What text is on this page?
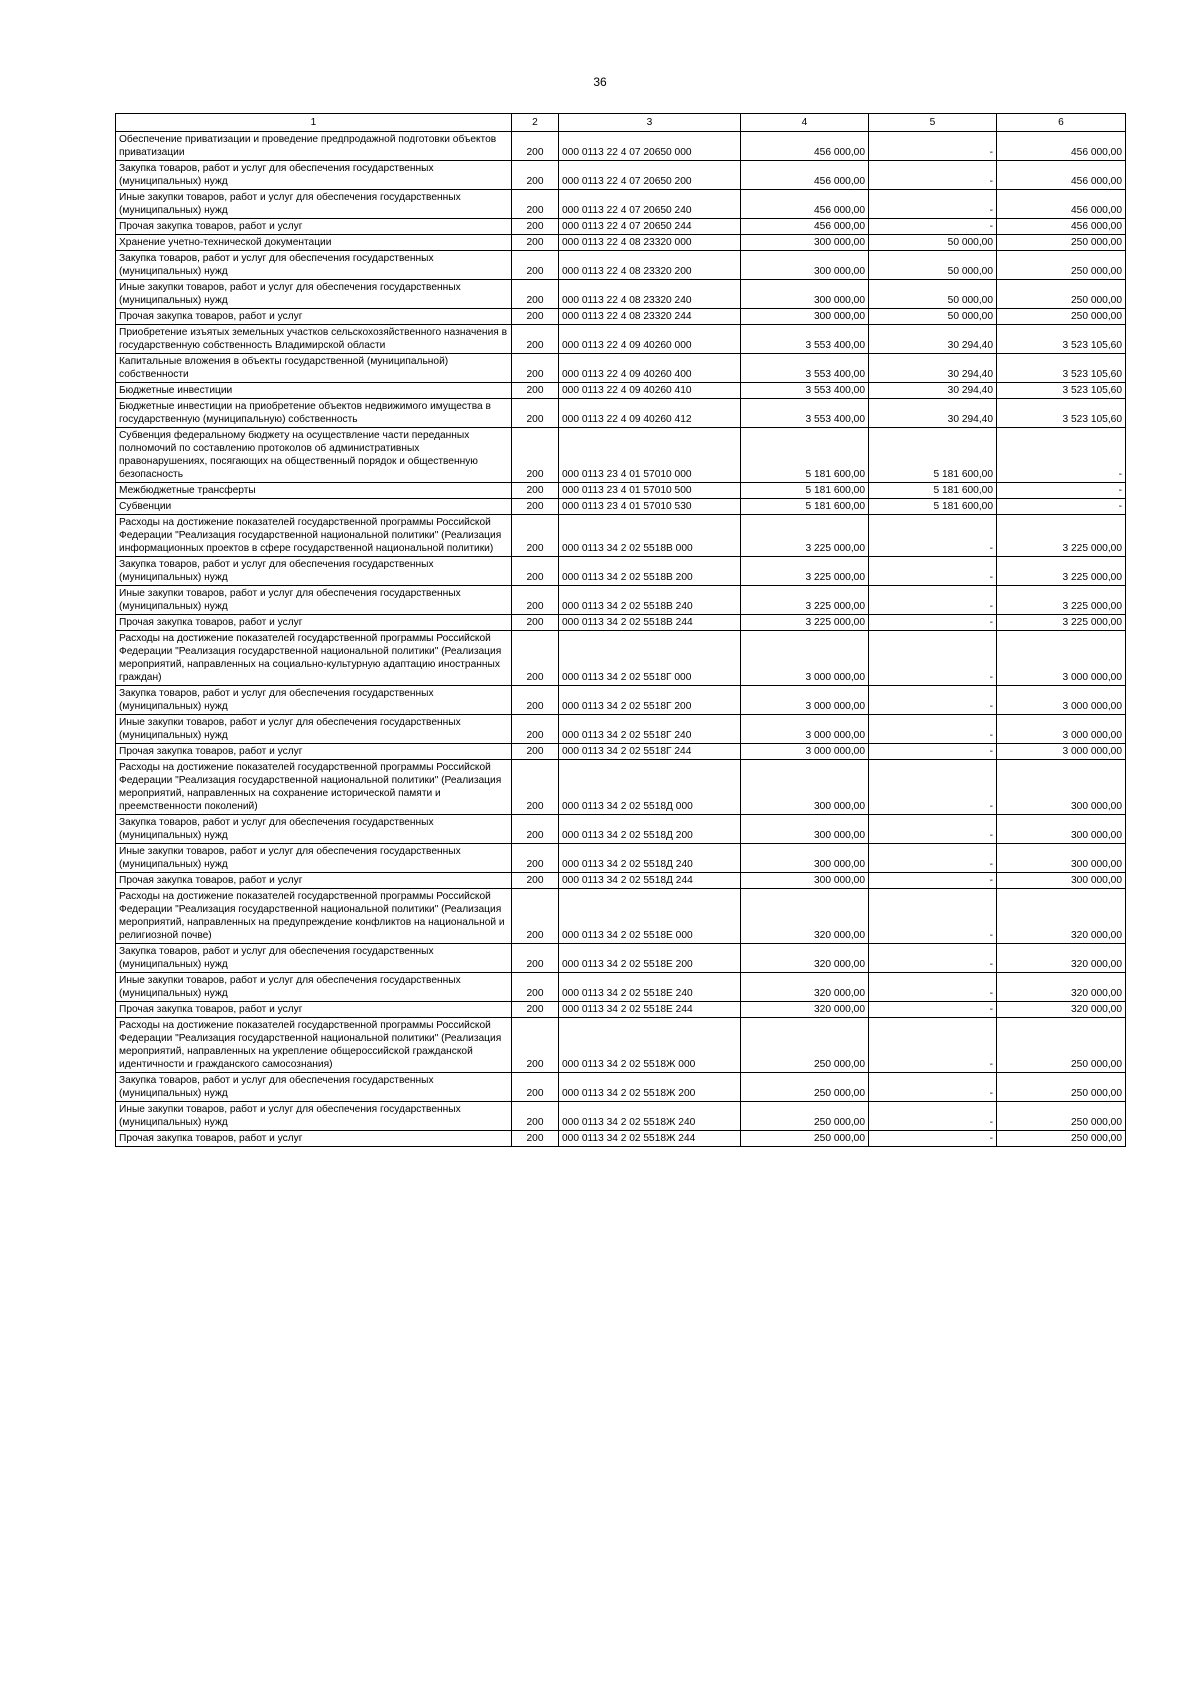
36
1	2	3	4	5	6
Обеспечение приватизации и проведение предпродажной подготовки объектов приватизации	200	000 0113 22 4 07 20650 000	456 000,00	-	456 000,00
Закупка товаров, работ и услуг для обеспечения государственных (муниципальных) нужд	200	000 0113 22 4 07 20650 200	456 000,00	-	456 000,00
Иные закупки товаров, работ и услуг для обеспечения государственных (муниципальных) нужд	200	000 0113 22 4 07 20650 240	456 000,00	-	456 000,00
Прочая закупка товаров, работ и услуг	200	000 0113 22 4 07 20650 244	456 000,00	-	456 000,00
Хранение учетно-технической документации	200	000 0113 22 4 08 23320 000	300 000,00	50 000,00	250 000,00
Закупка товаров, работ и услуг для обеспечения государственных (муниципальных) нужд	200	000 0113 22 4 08 23320 200	300 000,00	50 000,00	250 000,00
Иные закупки товаров, работ и услуг для обеспечения государственных (муниципальных) нужд	200	000 0113 22 4 08 23320 240	300 000,00	50 000,00	250 000,00
Прочая закупка товаров, работ и услуг	200	000 0113 22 4 08 23320 244	300 000,00	50 000,00	250 000,00
Приобретение изъятых земельных участков сельскохозяйственного назначения в государственную собственность Владимирской области	200	000 0113 22 4 09 40260 000	3 553 400,00	30 294,40	3 523 105,60
Капитальные вложения в объекты государственной (муниципальной) собственности	200	000 0113 22 4 09 40260 400	3 553 400,00	30 294,40	3 523 105,60
Бюджетные инвестиции	200	000 0113 22 4 09 40260 410	3 553 400,00	30 294,40	3 523 105,60
Бюджетные инвестиции на приобретение объектов недвижимого имущества в государственную (муниципальную) собственность	200	000 0113 22 4 09 40260 412	3 553 400,00	30 294,40	3 523 105,60
Субвенция федеральному бюджету на осуществление части переданных полномочий по составлению протоколов об административных правонарушениях, посягающих на общественный порядок и общественную безопасность	200	000 0113 23 4 01 57010 000	5 181 600,00	5 181 600,00	-
Межбюджетные трансферты	200	000 0113 23 4 01 57010 500	5 181 600,00	5 181 600,00	-
Субвенции	200	000 0113 23 4 01 57010 530	5 181 600,00	5 181 600,00	-
Расходы на достижение показателей государственной программы Российской Федерации "Реализация государственной национальной политики" (Реализация информационных проектов в сфере государственной национальной политики)	200	000 0113 34 2 02 5518В 000	3 225 000,00	-	3 225 000,00
Закупка товаров, работ и услуг для обеспечения государственных (муниципальных) нужд	200	000 0113 34 2 02 5518В 200	3 225 000,00	-	3 225 000,00
Иные закупки товаров, работ и услуг для обеспечения государственных (муниципальных) нужд	200	000 0113 34 2 02 5518В 240	3 225 000,00	-	3 225 000,00
Прочая закупка товаров, работ и услуг	200	000 0113 34 2 02 5518В 244	3 225 000,00	-	3 225 000,00
Расходы на достижение показателей государственной программы Российской Федерации "Реализация государственной национальной политики" (Реализация мероприятий, направленных на социально-культурную адаптацию иностранных граждан)	200	000 0113 34 2 02 5518Г 000	3 000 000,00	-	3 000 000,00
Закупка товаров, работ и услуг для обеспечения государственных (муниципальных) нужд	200	000 0113 34 2 02 5518Г 200	3 000 000,00	-	3 000 000,00
Иные закупки товаров, работ и услуг для обеспечения государственных (муниципальных) нужд	200	000 0113 34 2 02 5518Г 240	3 000 000,00	-	3 000 000,00
Прочая закупка товаров, работ и услуг	200	000 0113 34 2 02 5518Г 244	3 000 000,00	-	3 000 000,00
Расходы на достижение показателей государственной программы Российской Федерации "Реализация государственной национальной политики" (Реализация мероприятий, направленных на сохранение исторической памяти и преемственности поколений)	200	000 0113 34 2 02 5518Д 000	300 000,00	-	300 000,00
Закупка товаров, работ и услуг для обеспечения государственных (муниципальных) нужд	200	000 0113 34 2 02 5518Д 200	300 000,00	-	300 000,00
Иные закупки товаров, работ и услуг для обеспечения государственных (муниципальных) нужд	200	000 0113 34 2 02 5518Д 240	300 000,00	-	300 000,00
Прочая закупка товаров, работ и услуг	200	000 0113 34 2 02 5518Д 244	300 000,00	-	300 000,00
Расходы на достижение показателей государственной программы Российской Федерации "Реализация государственной национальной политики" (Реализация мероприятий, направленных на предупреждение конфликтов на национальной и религиозной почве)	200	000 0113 34 2 02 5518Е 000	320 000,00	-	320 000,00
Закупка товаров, работ и услуг для обеспечения государственных (муниципальных) нужд	200	000 0113 34 2 02 5518Е 200	320 000,00	-	320 000,00
Иные закупки товаров, работ и услуг для обеспечения государственных (муниципальных) нужд	200	000 0113 34 2 02 5518Е 240	320 000,00	-	320 000,00
Прочая закупка товаров, работ и услуг	200	000 0113 34 2 02 5518Е 244	320 000,00	-	320 000,00
Расходы на достижение показателей государственной программы Российской Федерации "Реализация государственной национальной политики" (Реализация мероприятий, направленных на укрепление общероссийской гражданской идентичности и гражданского самосознания)	200	000 0113 34 2 02 5518Ж 000	250 000,00	-	250 000,00
Закупка товаров, работ и услуг для обеспечения государственных (муниципальных) нужд	200	000 0113 34 2 02 5518Ж 200	250 000,00	-	250 000,00
Иные закупки товаров, работ и услуг для обеспечения государственных (муниципальных) нужд	200	000 0113 34 2 02 5518Ж 240	250 000,00	-	250 000,00
Прочая закупка товаров, работ и услуг	200	000 0113 34 2 02 5518Ж 244	250 000,00	-	250 000,00
